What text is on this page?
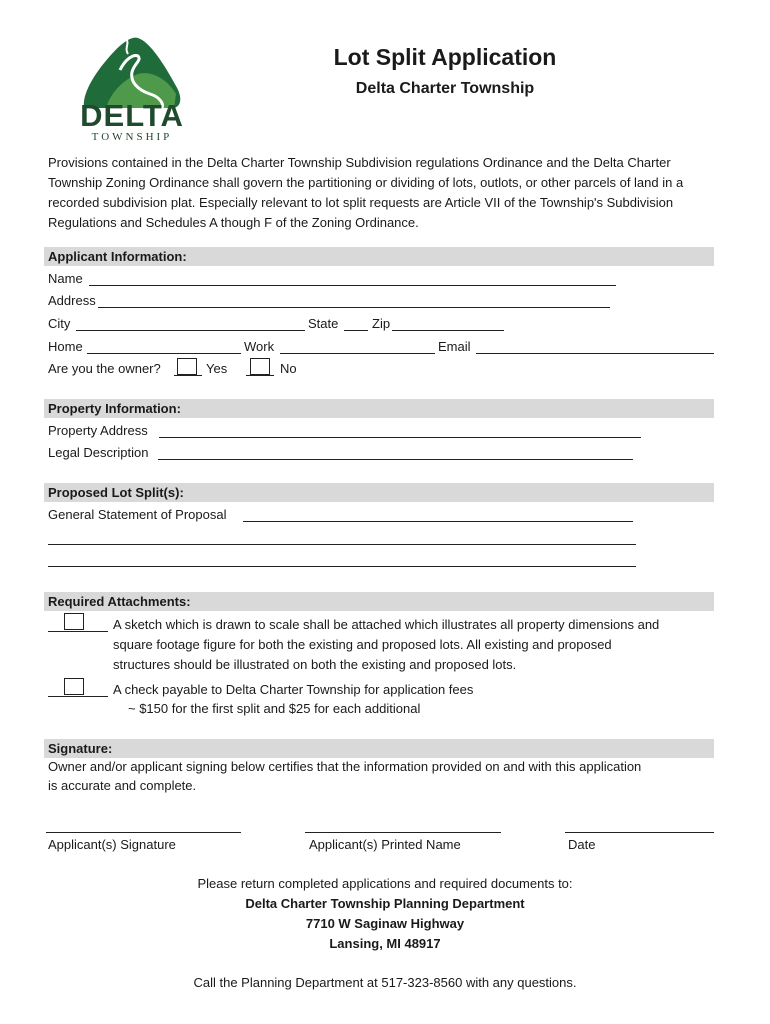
DELTA
TOWNSHIP
Lot Split Application
Delta Charter Township
Provisions contained in the Delta Charter Township Subdivision regulations Ordinance and the Delta Charter Township Zoning Ordinance shall govern the partitioning or dividing of lots, outlots, or other parcels of land in a recorded subdivision plat. Especially relevant to lot split requests are Article VII of the Township's Subdivision Regulations and Schedules A though F of the Zoning Ordinance.
Applicant Information:
Name
Address
City	State	Zip
Home	Work	Email
Are you the owner?	Yes	No
Property Information:
Property Address
Legal Description
Proposed Lot Split(s):
General Statement of Proposal
Required Attachments:
A sketch which is drawn to scale shall be attached which illustrates all property dimensions and
square footage figure for both the existing and proposed lots. All existing and proposed
structures should be illustrated on both the existing and proposed lots.
A check payable to Delta Charter Township for application fees
~ $150 for the first split and $25 for each additional
Signature:
Owner and/or applicant signing below certifies that the information provided on and with this application
is accurate and complete.
Applicant(s) Signature	Applicant(s) Printed Name	Date
Please return completed applications and required documents to:
Delta Charter Township Planning Department
7710 W Saginaw Highway
Lansing, MI 48917
Call the Planning Department at 517-323-8560 with any questions.
